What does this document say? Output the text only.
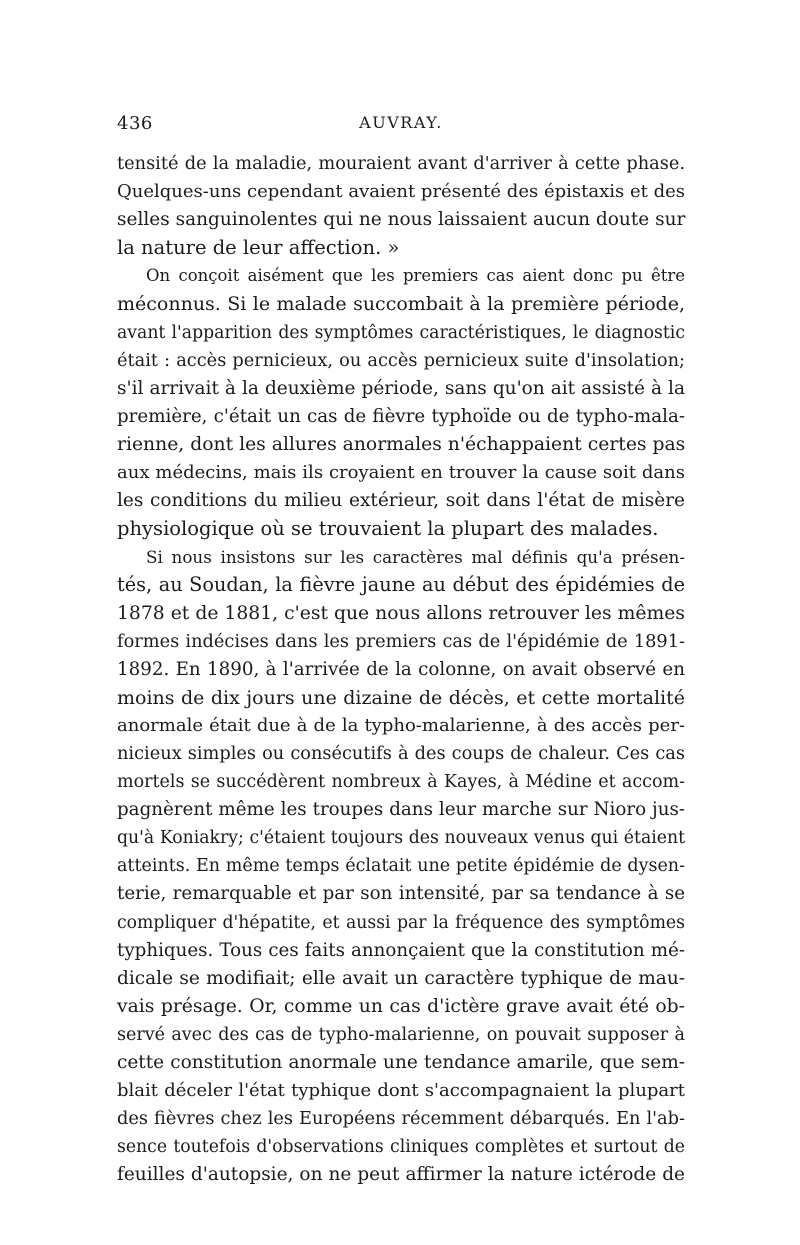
436	AUVRAY.
tensité de la maladie, mouraient avant d'arriver à cette phase.
Quelques-uns cependant avaient présenté des épistaxis et des
selles sanguinolentes qui ne nous laissaient aucun doute sur
la nature de leur affection. »
On conçoit aisément que les premiers cas aient donc pu être
méconnus. Si le malade succombait à la première période,
avant l'apparition des symptômes caractéristiques, le diagnostic
était : accès pernicieux, ou accès pernicieux suite d'insolation;
s'il arrivait à la deuxième période, sans qu'on ait assisté à la
première, c'était un cas de fièvre typhoïde ou de typho-mala-
rienne, dont les allures anormales n'échappaient certes pas
aux médecins, mais ils croyaient en trouver la cause soit dans
les conditions du milieu extérieur, soit dans l'état de misère
physiologique où se trouvaient la plupart des malades.
Si nous insistons sur les caractères mal définis qu'a présen-
tés, au Soudan, la fièvre jaune au début des épidémies de
1878 et de 1881, c'est que nous allons retrouver les mêmes
formes indécises dans les premiers cas de l'épidémie de 1891-
1892. En 1890, à l'arrivée de la colonne, on avait observé en
moins de dix jours une dizaine de décès, et cette mortalité
anormale était due à de la typho-malarienne, à des accès per-
nicieux simples ou consécutifs à des coups de chaleur. Ces cas
mortels se succédèrent nombreux à Kayes, à Médine et accom-
pagnèrent même les troupes dans leur marche sur Nioro jus-
qu'à Koniakry; c'étaient toujours des nouveaux venus qui étaient
atteints. En même temps éclatait une petite épidémie de dysen-
terie, remarquable et par son intensité, par sa tendance à se
compliquer d'hépatite, et aussi par la fréquence des symptômes
typhiques. Tous ces faits annonçaient que la constitution mé-
dicale se modifiait; elle avait un caractère typhique de mau-
vais présage. Or, comme un cas d'ictère grave avait été ob-
servé avec des cas de typho-malarienne, on pouvait supposer à
cette constitution anormale une tendance amarile, que sem-
blait déceler l'état typhique dont s'accompagnaient la plupart
des fièvres chez les Européens récemment débarqués. En l'ab-
sence toutefois d'observations cliniques complètes et surtout de
feuilles d'autopsie, on ne peut affirmer la nature ictérode de
